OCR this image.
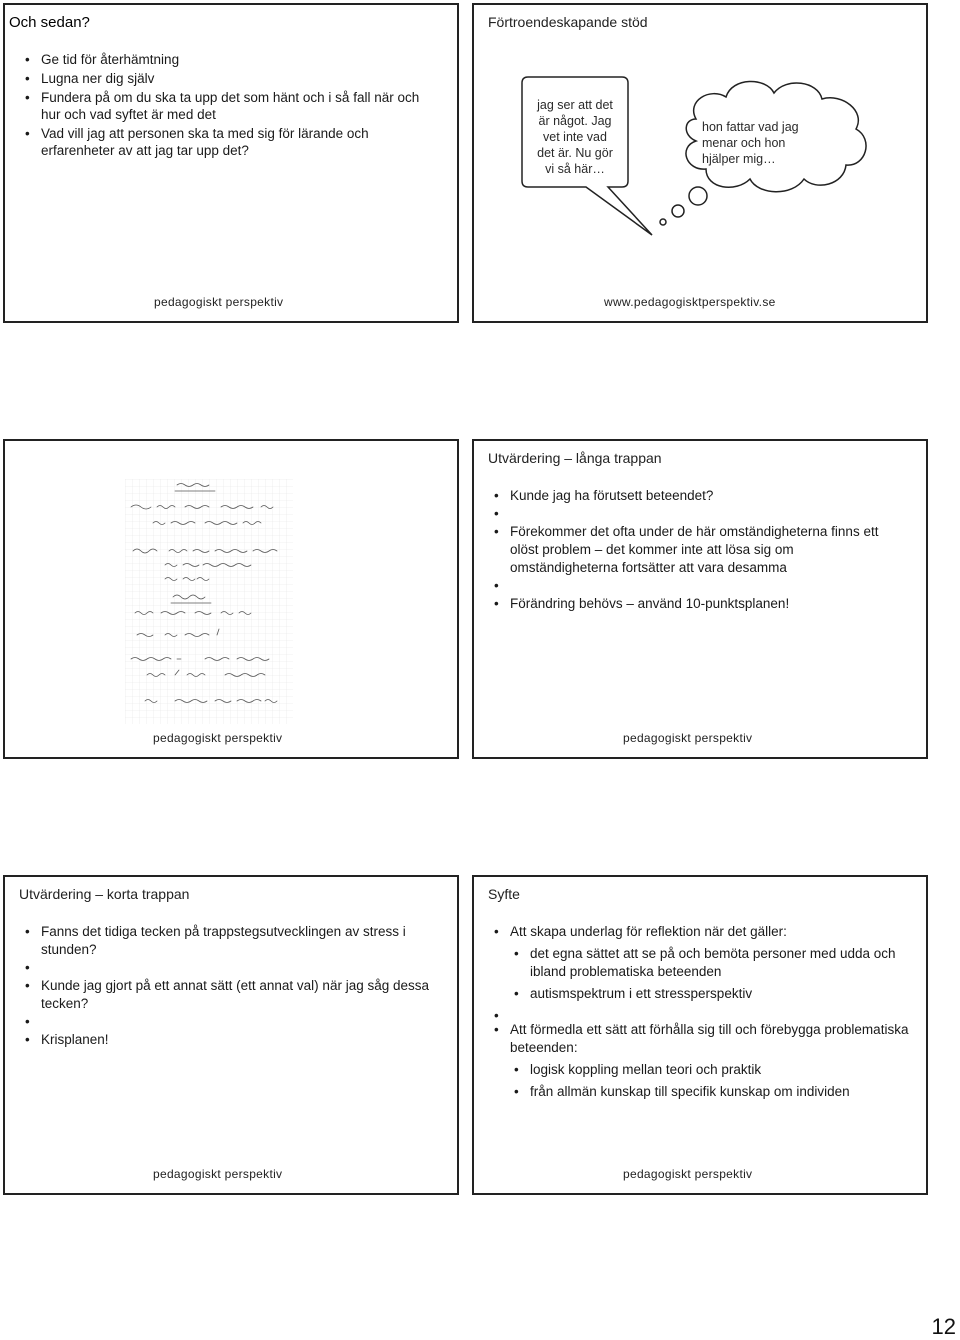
Och sedan?
• Ge tid för återhämtning
• Lugna ner dig själv
• Fundera på om du ska ta upp det som hänt och i så fall när och hur och vad syftet är med det
• Vad vill jag att personen ska ta med sig för lärande och erfarenheter av att jag tar upp det?
Förtroendeskapande stöd
jag ser att det
är något. Jag
vet inte vad
det är. Nu gör
vi så här…
hon fattar vad jag
menar och hon
hjälper mig…
pedagogiskt perspektiv	www.pedagogisktperspektiv.se
pedagogiskt perspektiv
Utvärdering – långa trappan
• Kunde jag ha förutsett beteendet?
•
• Förekommer det ofta under de här omständigheterna finns ett olöst problem – det kommer inte att lösa sig om omständigheterna fortsätter att vara desamma
•
• Förändring behövs – använd 10-punktsplanen!
pedagogiskt perspektiv
Utvärdering – korta trappan
• Fanns det tidiga tecken på trappstegsutvecklingen av stress i stunden?
•
• Kunde jag gjort på ett annat sätt (ett annat val) när jag såg dessa tecken?
•
• Krisplanen!
pedagogiskt perspektiv
Syfte
• Att skapa underlag för reflektion när det gäller:
• det egna sättet att se på och bemöta personer med udda och ibland problematiska beteenden
• autismspektrum i ett stressperspektiv
•
• Att förmedla ett sätt att förhålla sig till och förebygga problematiska beteenden:
• logisk koppling mellan teori och praktik
• från allmän kunskap till specifik kunskap om individen
pedagogiskt perspektiv
12
